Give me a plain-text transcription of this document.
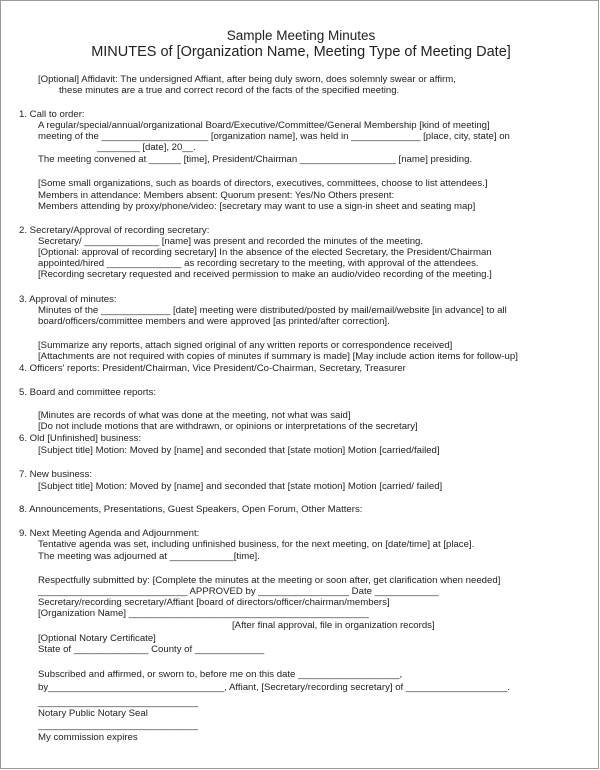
Sample Meeting Minutes
MINUTES of [Organization Name, Meeting Type of Meeting Date]
[Optional] Affidavit: The undersigned Affiant, after being duly sworn, does solemnly swear or affirm,
these minutes are a true and correct record of the facts of the specified meeting.
1. Call to order:
A regular/special/annual/organizational Board/Executive/Committee/General Membership [kind of meeting]
meeting of the ____________________ [organization name], was held in _____________ [place, city, state] on
________ [date], 20__.
The meeting convened at ______ [time], President/Chairman __________________ [name] presiding.
[Some small organizations, such as boards of directors, executives, committees, choose to list attendees.]
Members in attendance: Members absent: Quorum present: Yes/No Others present:
Members attending by proxy/phone/video: [secretary may want to use a sign-in sheet and seating map]
2. Secretary/Approval of recording secretary:
Secretary/ ______________ [name] was present and recorded the minutes of the meeting.
[Optional: approval of recording secretary] In the absence of the elected Secretary, the President/Chairman
appointed/hired ______________ as recording secretary to the meeting, with approval of the attendees.
[Recording secretary requested and received permission to make an audio/video recording of the meeting.]
3. Approval of minutes:
Minutes of the _____________ [date] meeting were distributed/posted by mail/email/website [in advance] to all
board/officers/committee members and were approved [as printed/after correction].
[Summarize any reports, attach signed original of any written reports or correspondence received]
[Attachments are not required with copies of minutes if summary is made] [May include action items for follow-up]
4. Officers' reports: President/Chairman, Vice President/Co-Chairman, Secretary, Treasurer
5. Board and committee reports:
[Minutes are records of what was done at the meeting, not what was said]
[Do not include motions that are withdrawn, or opinions or interpretations of the secretary]
6. Old [Unfinished] business:
[Subject title] Motion: Moved by [name] and seconded that [state motion] Motion [carried/failed]
7. New business:
[Subject title] Motion: Moved by [name] and seconded that [state motion] Motion [carried/ failed]
8. Announcements, Presentations, Guest Speakers, Open Forum, Other Matters:
9. Next Meeting Agenda and Adjournment:
Tentative agenda was set, including unfinished business, for the next meeting, on [date/time] at [place].
The meeting was adjourned at ____________[time].
Respectfully submitted by: [Complete the minutes at the meeting or soon after, get clarification when needed]
____________________________ APPROVED by _________________ Date ____________
Secretary/recording secretary/Affiant [board of directors/officer/chairman/members]
[Organization Name] _____________________________________________
[After final approval, file in organization records]
[Optional Notary Certificate]
State of ______________ County of _____________
Subscribed and affirmed, or sworn to, before me on this date ___________________,
by_________________________________, Affiant, [Secretary/recording secretary] of ___________________.
______________________________
Notary Public Notary Seal
______________________________
My commission expires
